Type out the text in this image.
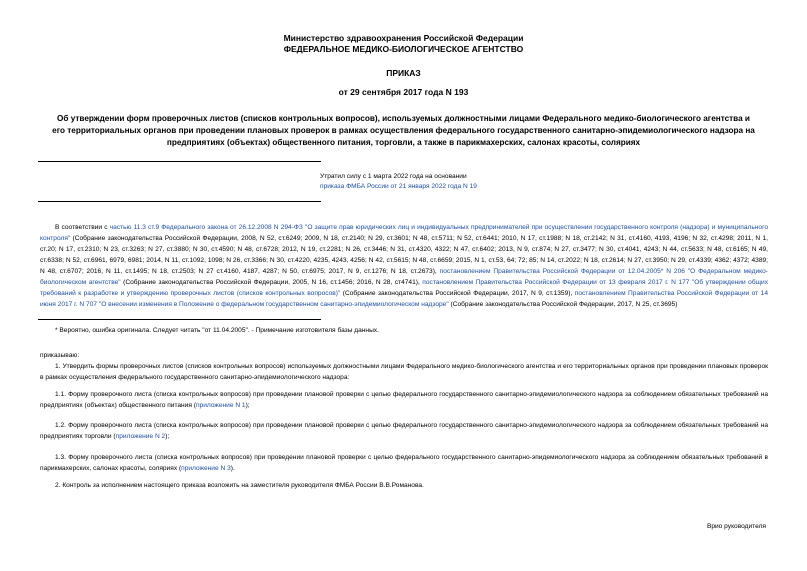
Министерство здравоохранения Российской Федерации
ФЕДЕРАЛЬНОЕ МЕДИКО-БИОЛОГИЧЕСКОЕ АГЕНТСТВО
ПРИКАЗ
от 29 сентября 2017 года N 193
Об утверждении форм проверочных листов (списков контрольных вопросов), используемых должностными лицами Федерального медико-биологического агентства и его территориальных органов при проведении плановых проверок в рамках осуществления федерального государственного санитарно-эпидемиологического надзора на предприятиях (объектах) общественного питания, торговли, а также в парикмахерских, салонах красоты, соляриях
Утратил силу с 1 марта 2022 года на основании
приказа ФМБА России от 21 января 2022 года N 19
В соответствии с частью 11.3 ст.9 Федерального закона от 26.12.2008 N 294-ФЗ "О защите прав юридических лиц и индивидуальных предпринимателей при осуществлении государственного контроля (надзора) и муниципального контроля" (Собрание законодательства Российской Федерации, 2008, N 52, ст.6249; 2009, N 18, ст.2140; N 29, ст.3601; N 48, ст.5711; N 52, ст.6441; 2010, N 17, ст.1988; N 18, ст.2142; N 31, ст.4160, 4193, 4196; N 32, ст.4298; 2011, N 1, ст.20; N 17, ст.2310; N 23, ст.3263; N 27, ст.3880; N 30, ст.4590; N 48, ст.6728; 2012, N 19, ст.2281; N 26, ст.3446; N 31, ст.4320, 4322; N 47, ст.6402; 2013, N 9, ст.874; N 27, ст.3477; N 30, ст.4041, 4243; N 44, ст.5633; N 48, ст.6165; N 49, ст.6338; N 52, ст.6961, 6979, 6981; 2014, N 11, ст.1092, 1098; N 26, ст.3366; N 30, ст.4220, 4235, 4243, 4256; N 42, ст.5615; N 48, ст.6659; 2015, N 1, ст.53, 64; 72; 85; N 14, ст.2022; N 18, ст.2614; N 27, ст.3950; N 29, ст.4339; 4362; 4372; 4389; N 48, ст.6707; 2016, N 11, ст.1495; N 18, ст.2503; N 27 ст.4160, 4187, 4287; N 50, ст.6975; 2017, N 9, ст.1276; N 18, ст.2673), постановлением Правительства Российской Федерации от 12.04.2005* N 206 "О Федеральном медико-биологическом агентстве" (Собрание законодательства Российской Федерации, 2005, N 16, ст.1456; 2016, N 28, ст4741), постановлением Правительства Российской Федерации от 13 февраля 2017 г. N 177 "Об утверждении общих требований к разработке и утверждению проверочных листов (списков контрольных вопросов)" (Собрание законодательства Российской Федерации, 2017, N 9, ст.1359), постановлением Правительства Российской Федерации от 14 июня 2017 г. N 707 "О внесении изменения в Положение о федеральном государственном санитарно-эпидемиологическом надзоре" (Собрание законодательства Российской Федерации, 2017, N 25, ст.3695)
* Вероятно, ошибка оригинала. Следует читать "от 11.04.2005". - Примечание изготовителя базы данных.
приказываю:
1. Утвердить формы проверочных листов (списков контрольных вопросов) используемых должностными лицами Федерального медико-биологического агентства и его территориальных органов при проведении плановых проверок в рамках осуществления федерального государственного санитарно-эпидемиологического надзора:
1.1. Форму проверочного листа (списка контрольных вопросов) при проведении плановой проверки с целью федерального государственного санитарно-эпидемиологического надзора за соблюдением обязательных требований на предприятиях (объектах) общественного питания (приложение N 1);
1.2. Форму проверочного листа (списка контрольных вопросов) при проведении плановой проверки с целью федерального государственного санитарно-эпидемиологического надзора за соблюдением обязательных требований на предприятиях торговли (приложение N 2);
1.3. Форму проверочного листа (списка контрольных вопросов) при проведении плановой проверки с целью федерального государственного санитарно-эпидемиологического надзора за соблюдением обязательных требований в парикмахерских, салонах красоты, соляриях (приложение N 3).
2. Контроль за исполнением настоящего приказа возложить на заместителя руководителя ФМБА России В.В.Романова.
Врио руководителя
